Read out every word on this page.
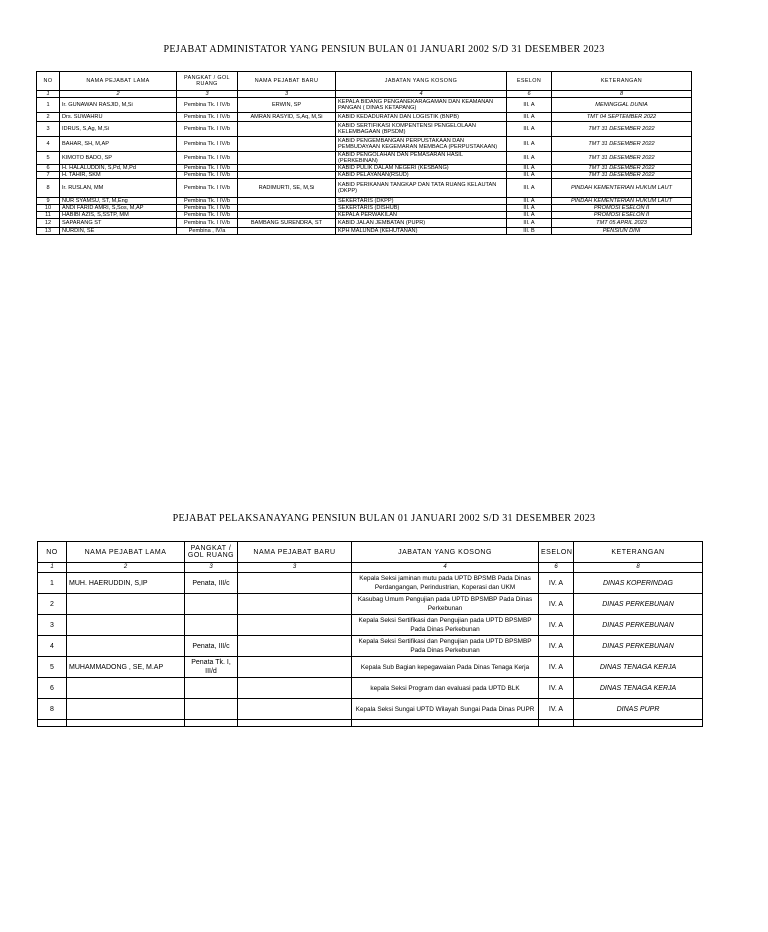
PEJABAT ADMINISTATOR YANG PENSIUN BULAN 01 JANUARI 2002 S/D 31 DESEMBER 2023
NO	NAMA PEJABAT LAMA	PANGKAT / GOL RUANG	NAMA PEJABAT BARU	JABATAN YANG KOSONG	ESELON	KETERANGAN
1	2	3	3	4	6	8
1	Ir. GUNAWAN RASJID, M,Si	Pembina Tk. I IV/b	ERWIN, SP	KEPALA BIDANG PENGANEKARAGAMAN DAN KEAMANAN PANGAN ( DINAS KETAPANG)	III. A	MENINGGAL DUNIA
2	Drs. SUWAHRU	Pembina Tk. I IV/b	AMRAN RASYID, S,Aq, M,Si	KABID KEDADURATAN DAN LOGISTIK (BNPB)	III. A	TMT 04 SEPTEMBER 2022
3	IDRUS, S,Ag, M,Si	Pembina Tk. I IV/b		KABID SERTIFIKASI KOMPENTENSI PENGELOLAAN KELEMBAGAAN (BPSDM)	III. A	TMT 31 DESEMBER 2022
4	BAHAR, SH, M,AP	Pembina Tk. I IV/b		KABID PENGEMBANGAN PERPUSTAKAAN DAN PEMBUDAYAAN KEGEMARAN MEMBACA (PERPUSTAKAAN)	III. A	TMT 31 DESEMBER 2022
5	KIMOTO BADO, SP	Pembina Tk. I IV/b		KABID PENGOLAHAN DAN PEMASARAN HASIL (PERKEBINAN)	III. A	TMT 31 DESEMBER 2022
6	H. HALALUDDIN, S,Pd, M,Pd	Pembina Tk. I IV/b		KABID PULIK DALAM NEGERI (KESBANG)	III. A	TMT 31 DESEMBER 2022
7	H. TAHIR, SKM	Pembina Tk. I IV/b		KABID PELAYANAN(RSUD)	III. A	TMT 31 DESEMBER 2022
8	Ir. RUSLAN, MM	Pembina Tk. I IV/b	RADIMURTI, SE, M,Si	KABID PERIKANAN TANGKAP DAN TATA RUANG KELAUTAN (DKPP)	III. A	PINDAH KEMENTERIAN HUKUM LAUT
9	NUR SYAMSU, ST, M,Eng	Pembina Tk. I IV/b		SEKERTARIS (DKPP)	III. A	PINDAH KEMENTERIAN HUKUM LAUT
10	ANDI FARID AMRI, S,Sos, M,AP	Pembina Tk. I IV/b		SEKERTARIS (DISHUB)	III. A	PROMOSI ESELON II
11	HABIBI AZIS, S,SSTP, MM	Pembina Tk. I IV/b		KEPALA PERWAKILAN	III. A	PROMOSI ESELON II
12	SAPARANG ST	Pembina Tk. I IV/b	BAMBANG SURENDRA, ST	KABID JALAN JEMBATAN (PUPR)	III. A	TMT 05 APRIL 2023
13	NURDIN, SE	Pembina , IV/a		KPH MALUNDA (KEHUTANAN)	III. B	PENSIUN DINI
PEJABAT PELAKSANAYANG PENSIUN BULAN 01 JANUARI 2002 S/D 31 DESEMBER 2023
NO	NAMA PEJABAT LAMA	PANGKAT / GOL RUANG	NAMA PEJABAT BARU	JABATAN YANG KOSONG	ESELON	KETERANGAN
1	2	3	3	4	6	8
1	MUH. HAERUDDIN, S,IP	Penata, III/c		Kepala Seksi jaminan mutu pada UPTD BPSMB Pada Dinas Perdangangan, Perindustrian, Koperasi dan UKM	IV. A	DINAS KOPERINDAG
2				Kasubag Umum Pengujian pada UPTD BPSMBP Pada Dinas Perkebunan	IV. A	DINAS PERKEBUNAN
3				Kepala Seksi Sertifikasi dan Pengujian pada UPTD BPSMBP Pada Dinas Perkebunan	IV. A	DINAS PERKEBUNAN
4		Penata, III/c		Kepala Seksi Sertifikasi dan Pengujian pada UPTD BPSMBP Pada Dinas Perkebunan	IV. A	DINAS PERKEBUNAN
5	MUHAMMADONG , SE, M.AP	Penata Tk. I, III/d		Kepala Sub Bagian kepegawaian Pada Dinas Tenaga Kerja	IV. A	DINAS TENAGA KERJA
6				kepala Seksi Program dan evaluasi pada UPTD BLK	IV. A	DINAS TENAGA KERJA
8				Kepala Seksi Sungai UPTD Wilayah Sungai Pada Dinas PUPR	IV. A	DINAS PUPR
